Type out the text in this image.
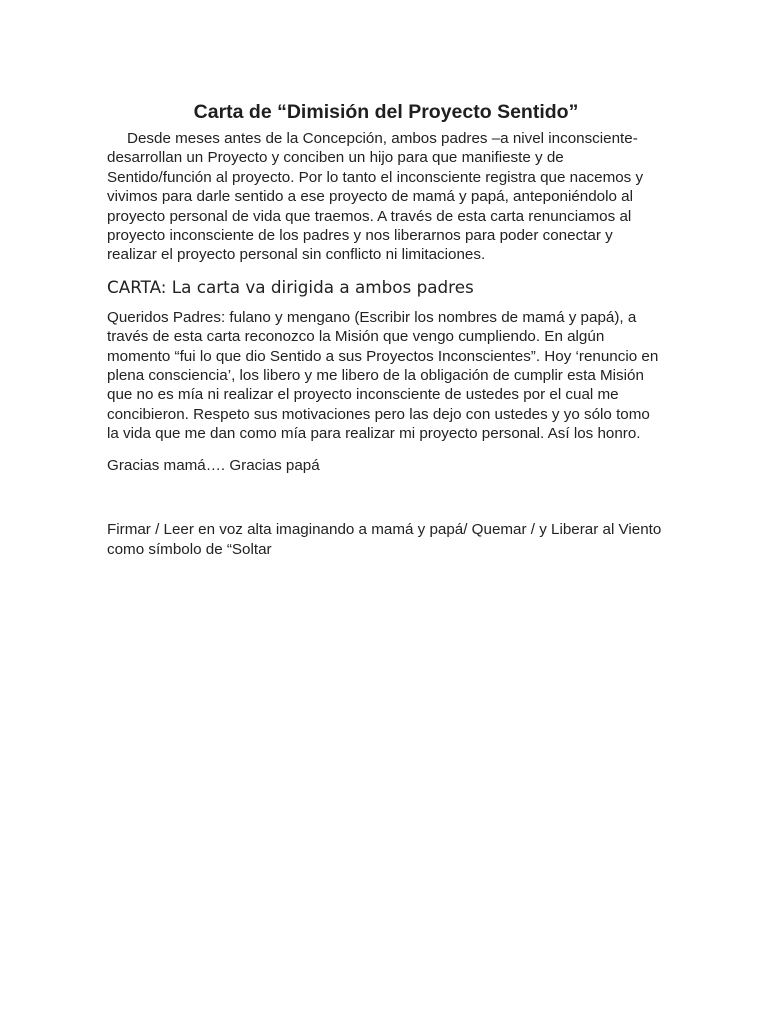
Carta de “Dimisión del Proyecto Sentido”

Desde meses antes de la Concepción, ambos padres –a nivel inconsciente- desarrollan un Proyecto y conciben un hijo para que manifieste y de Sentido/función al proyecto. Por lo tanto el inconsciente registra que nacemos y vivimos para darle sentido a ese proyecto de mamá y papá, anteponiéndolo al proyecto personal de vida que traemos. A través de esta carta renunciamos al proyecto inconsciente de los padres y nos liberarnos para poder conectar y realizar el proyecto personal sin conflicto ni limitaciones.

CARTA: La carta va dirigida a ambos padres

Queridos Padres: fulano y mengano (Escribir los nombres de mamá y papá), a través de esta carta reconozco la Misión que vengo cumpliendo. En algún momento “fui lo que dio Sentido a sus Proyectos Inconscientes”. Hoy ‘renuncio en plena consciencia’, los libero y me libero de la obligación de cumplir esta Misión que no es mía ni realizar el proyecto inconsciente de ustedes por el cual me concibieron. Respeto sus motivaciones pero las dejo con ustedes y yo sólo tomo la vida que me dan como mía para realizar mi proyecto personal. Así los honro.

Gracias mamá…. Gracias papá

Firmar / Leer en voz alta imaginando a mamá y papá/ Quemar / y Liberar al Viento como símbolo de “Soltar
